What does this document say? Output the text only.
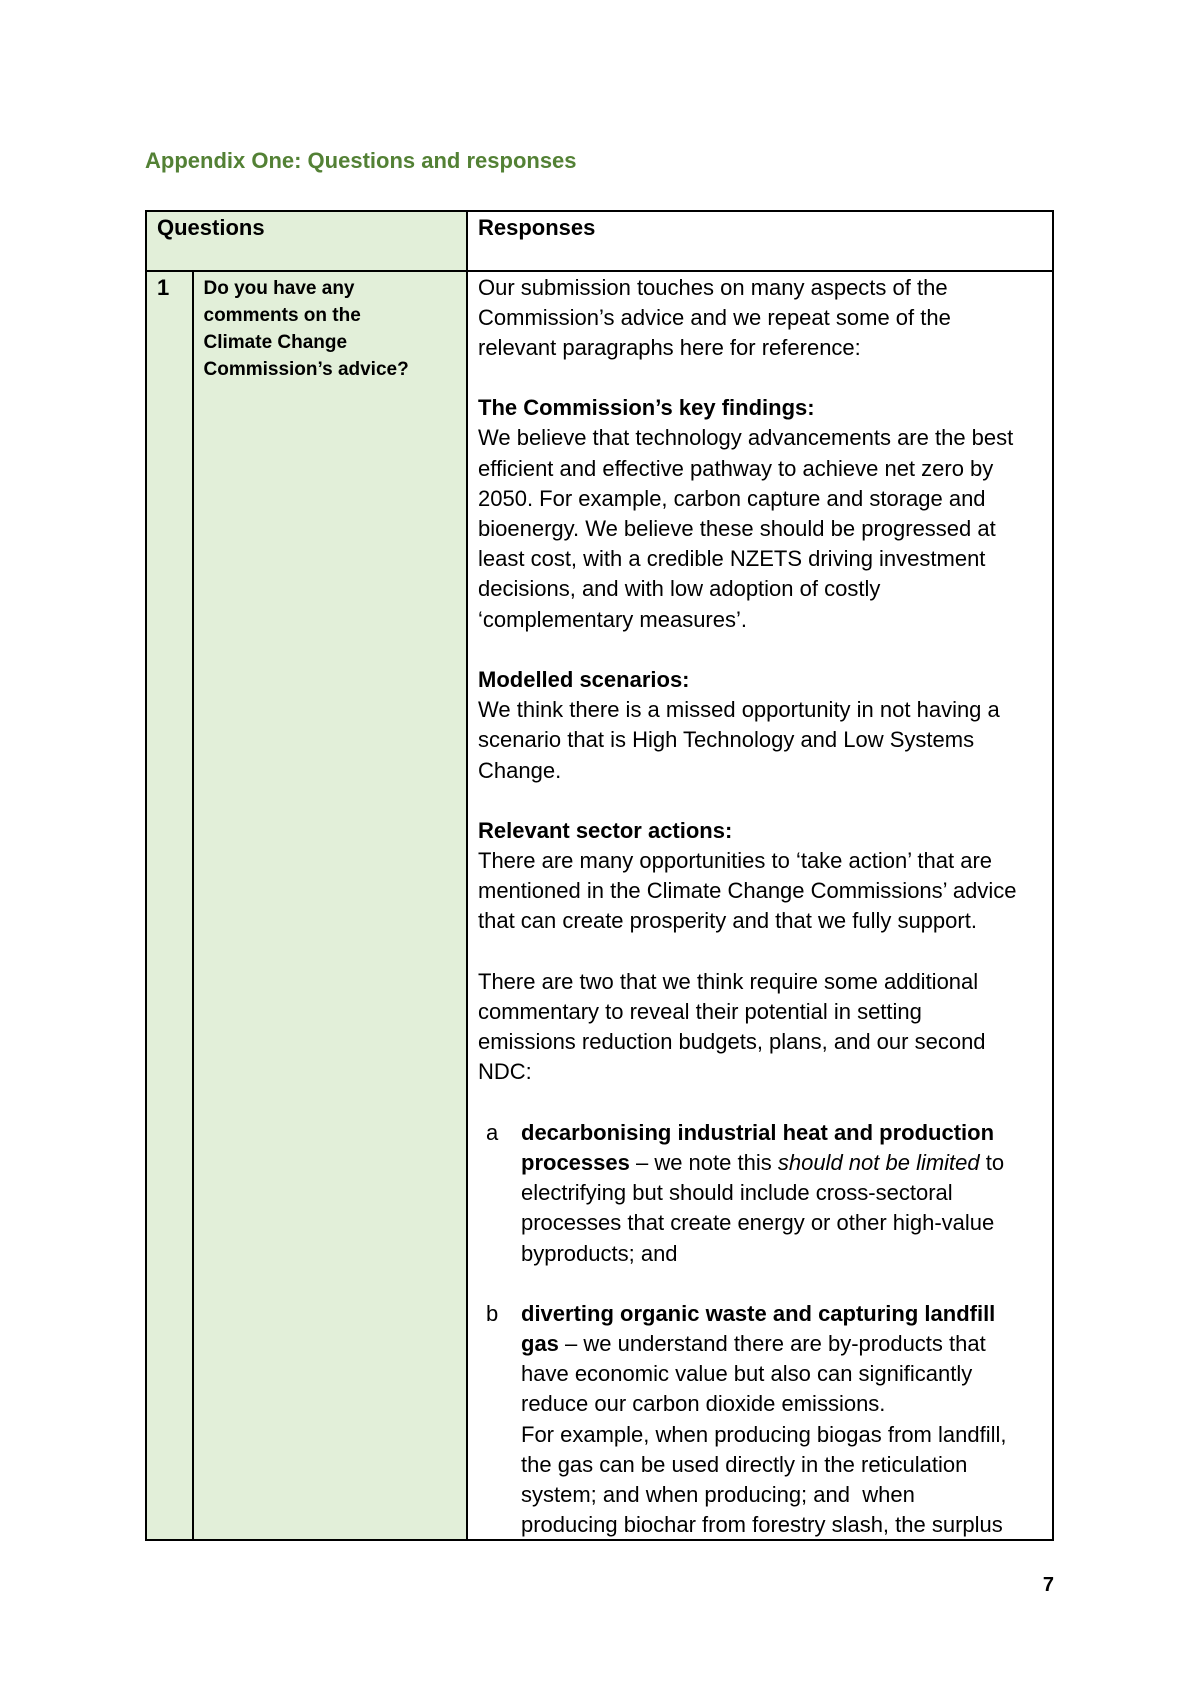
Appendix One: Questions and responses
Questions	Responses
1	Do you have any
comments on the
Climate Change
Commission’s advice?
Our submission touches on many aspects of the
Commission’s advice and we repeat some of the
relevant paragraphs here for reference:
The Commission’s key findings:
We believe that technology advancements are the best
efficient and effective pathway to achieve net zero by
2050. For example, carbon capture and storage and
bioenergy. We believe these should be progressed at
least cost, with a credible NZETS driving investment
decisions, and with low adoption of costly
‘complementary measures’.
Modelled scenarios:
We think there is a missed opportunity in not having a
scenario that is High Technology and Low Systems
Change.
Relevant sector actions:
There are many opportunities to ‘take action’ that are
mentioned in the Climate Change Commissions’ advice
that can create prosperity and that we fully support.
There are two that we think require some additional
commentary to reveal their potential in setting
emissions reduction budgets, plans, and our second
NDC:
a decarbonising industrial heat and production
processes – we note this should not be limited to
electrifying but should include cross-sectoral
processes that create energy or other high-value
byproducts; and
b diverting organic waste and capturing landfill
gas – we understand there are by-products that
have economic value but also can significantly
reduce our carbon dioxide emissions.
For example, when producing biogas from landfill,
the gas can be used directly in the reticulation
system; and when producing; and  when
producing biochar from forestry slash, the surplus
7
